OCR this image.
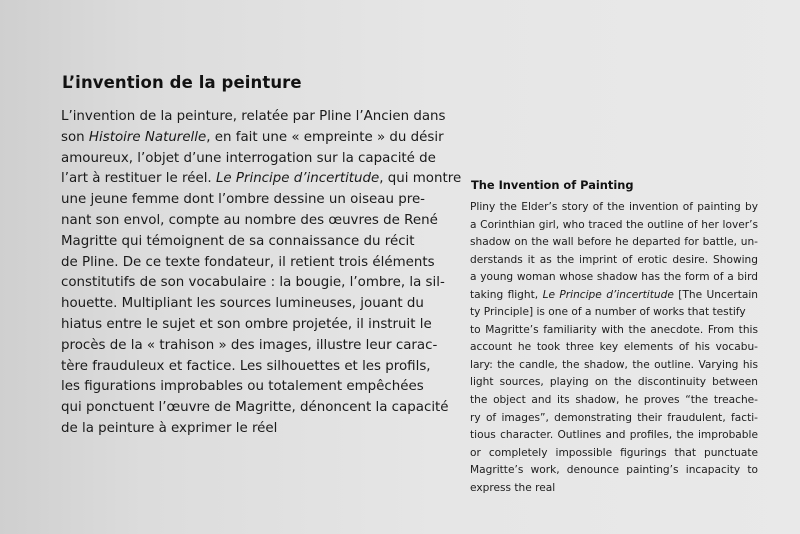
L’invention de la peinture

L’invention de la peinture, relatée par Pline l’Ancien dans
son Histoire Naturelle, en fait une « empreinte » du désir
amoureux, l’objet d’une interrogation sur la capacité de
l’art à restituer le réel. Le Principe d’incertitude, qui montre
une jeune femme dont l’ombre dessine un oiseau pre-
nant son envol, compte au nombre des œuvres de René
Magritte qui témoignent de sa connaissance du récit
de Pline. De ce texte fondateur, il retient trois éléments
constitutifs de son vocabulaire : la bougie, l’ombre, la sil-
houette. Multipliant les sources lumineuses, jouant du
hiatus entre le sujet et son ombre projetée, il instruit le
procès de la « trahison » des images, illustre leur carac-
tère frauduleux et factice. Les silhouettes et les profils,
les figurations improbables ou totalement empêchées
qui ponctuent l’œuvre de Magritte, dénoncent la capacité
de la peinture à exprimer le réel

The Invention of Painting

Pliny the Elder’s story of the invention of painting by
a Corinthian girl, who traced the outline of her lover’s
shadow on the wall before he departed for battle, un-
derstands it as the imprint of erotic desire. Showing
a young woman whose shadow has the form of a bird
taking flight, Le Principe d’incertitude [The Uncertain
ty Principle] is one of a number of works that testify
to Magritte’s familiarity with the anecdote. From this
account he took three key elements of his vocabu-
lary: the candle, the shadow, the outline. Varying his
light sources, playing on the discontinuity between
the object and its shadow, he proves “the treache-
ry of images”, demonstrating their fraudulent, facti-
tious character. Outlines and profiles, the improbable
or completely impossible figurings that punctuate
Magritte’s work, denounce painting’s incapacity to
express the real
